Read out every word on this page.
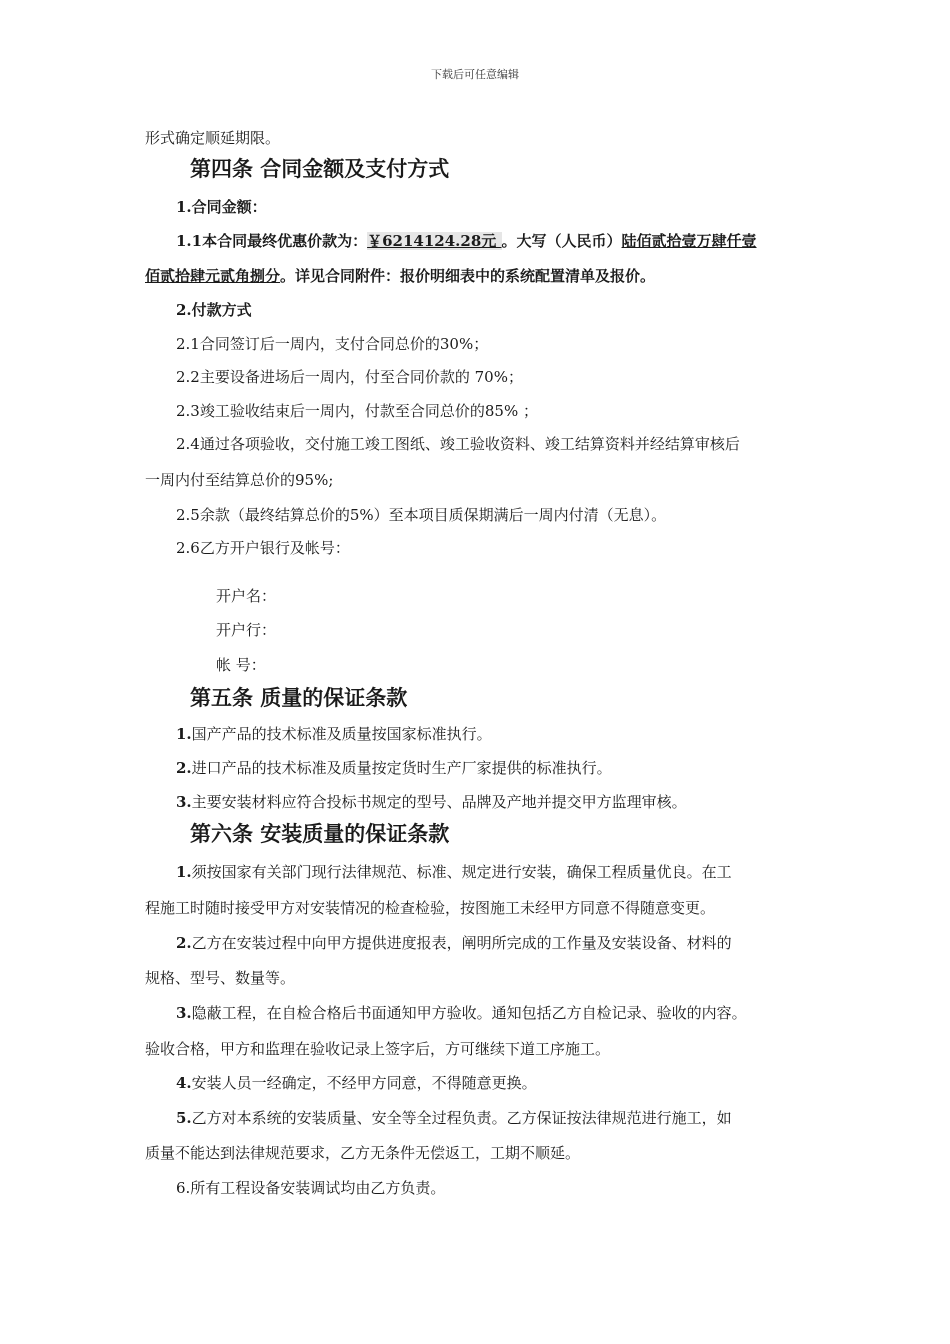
下载后可任意编辑
形式确定顺延期限。
第四条 合同金额及支付方式
1.合同金额：
1.1本合同最终优惠价款为：￥6214124.28元 。大写（人民币）陆佰贰拾壹万肆仟壹
佰贰拾肆元贰角捌分。详见合同附件：报价明细表中的系统配置清单及报价。
2.付款方式
2.1合同签订后一周内，支付合同总价的30%；
2.2主要设备进场后一周内，付至合同价款的 70%；
2.3竣工验收结束后一周内，付款至合同总价的85% ；
2.4通过各项验收，交付施工竣工图纸、竣工验收资料、竣工结算资料并经结算审核后
一周内付至结算总价的95%;
2.5余款（最终结算总价的5%）至本项目质保期满后一周内付清（无息）。
2.6乙方开户银行及帐号：
开户名：
开户行：
帐 号：
第五条 质量的保证条款
1.国产产品的技术标准及质量按国家标准执行。
2.进口产品的技术标准及质量按定货时生产厂家提供的标准执行。
3.主要安装材料应符合投标书规定的型号、品牌及产地并提交甲方监理审核。
第六条 安装质量的保证条款
1.须按国家有关部门现行法律规范、标准、规定进行安装，确保工程质量优良。在工
程施工时随时接受甲方对安装情况的检查检验，按图施工未经甲方同意不得随意变更。
2.乙方在安装过程中向甲方提供进度报表，阐明所完成的工作量及安装设备、材料的
规格、型号、数量等。
3.隐蔽工程，在自检合格后书面通知甲方验收。通知包括乙方自检记录、验收的内容。
验收合格，甲方和监理在验收记录上签字后，方可继续下道工序施工。
4.安装人员一经确定，不经甲方同意，不得随意更换。
5.乙方对本系统的安装质量、安全等全过程负责。乙方保证按法律规范进行施工，如
质量不能达到法律规范要求，乙方无条件无偿返工，工期不顺延。
6.所有工程设备安装调试均由乙方负责。
